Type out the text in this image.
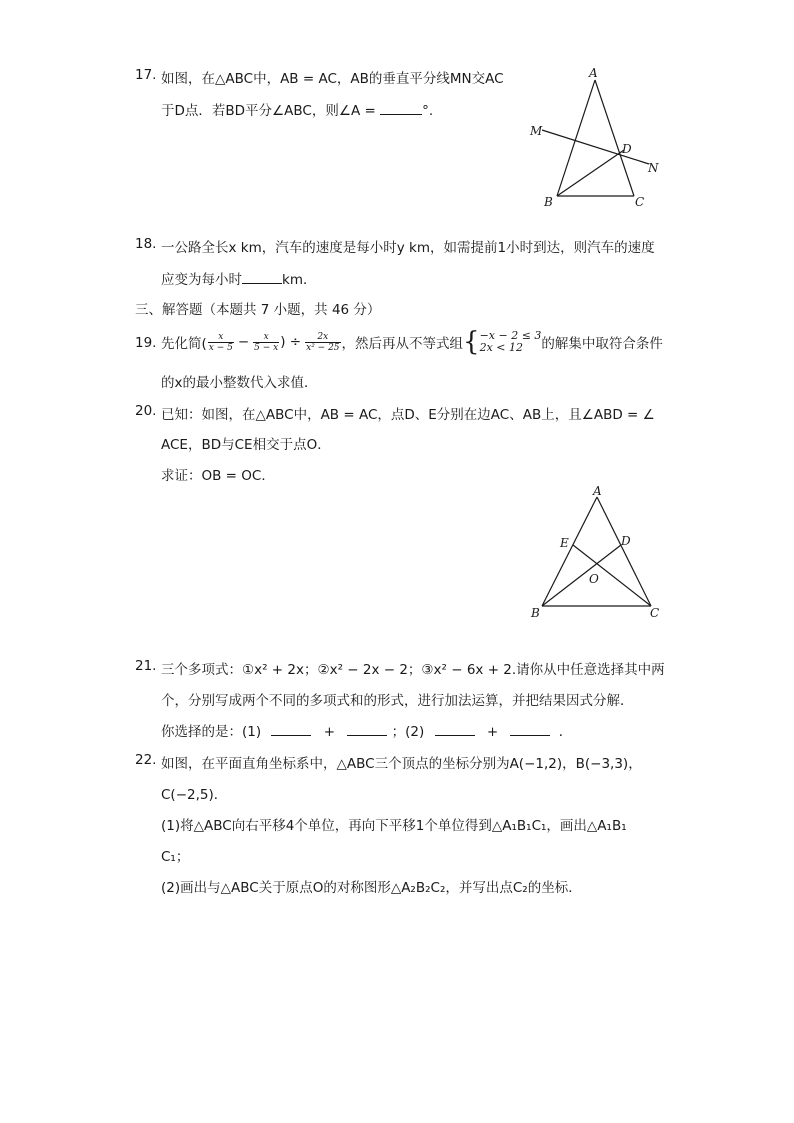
17. 如图，在△ABC中，AB = AC，AB的垂直平分线MN交AC
于D点．若BD平分∠ABC，则∠A =	°.
A
B	C
D
M
N
18. 一公路全长x km，汽车的速度是每小时y km，如需提前1小时到达，则汽车的速度
应变为每小时	km．
三、解答题（本题共 7 小题，共 46 分）
19. 先化简( $\frac{x}{x - 5} - \frac{x}{5 - x}$ ) ÷ $\frac{2x}{\text{x² − 25}}$ ，然后再从不等式组 { −x − 2 ≤ 3
2x < 12	的解集中取符合条件
的x的最小整数代入求值．
20. 已知：如图，在△ABC中，AB = AC，点D、E分别在边AC、AB上，且∠ABD = ∠
ACE，BD与CE相交于点O．
求证：OB = OC．
A
B	C
D
E
O
21. 三个多项式：①x² + 2x；②x² − 2x − 2；③x² − 6x + 2.请你从中任意选择其中两
个，分别写成两个不同的多项式和的形式，进行加法运算，并把结果因式分解．
你选择的是：(1)	+	；(2)	+	．
22. 如图，在平面直角坐标系中，△ABC三个顶点的坐标分别为A(−1,2)，B(−3,3)，
C(−2,5)．
(1)将△ABC向右平移4个单位，再向下平移1个单位得到△A₁B₁C₁，画出△A₁B₁
C₁；
(2)画出与△ABC关于原点O的对称图形△A₂B₂C₂，并写出点C₂的坐标．
